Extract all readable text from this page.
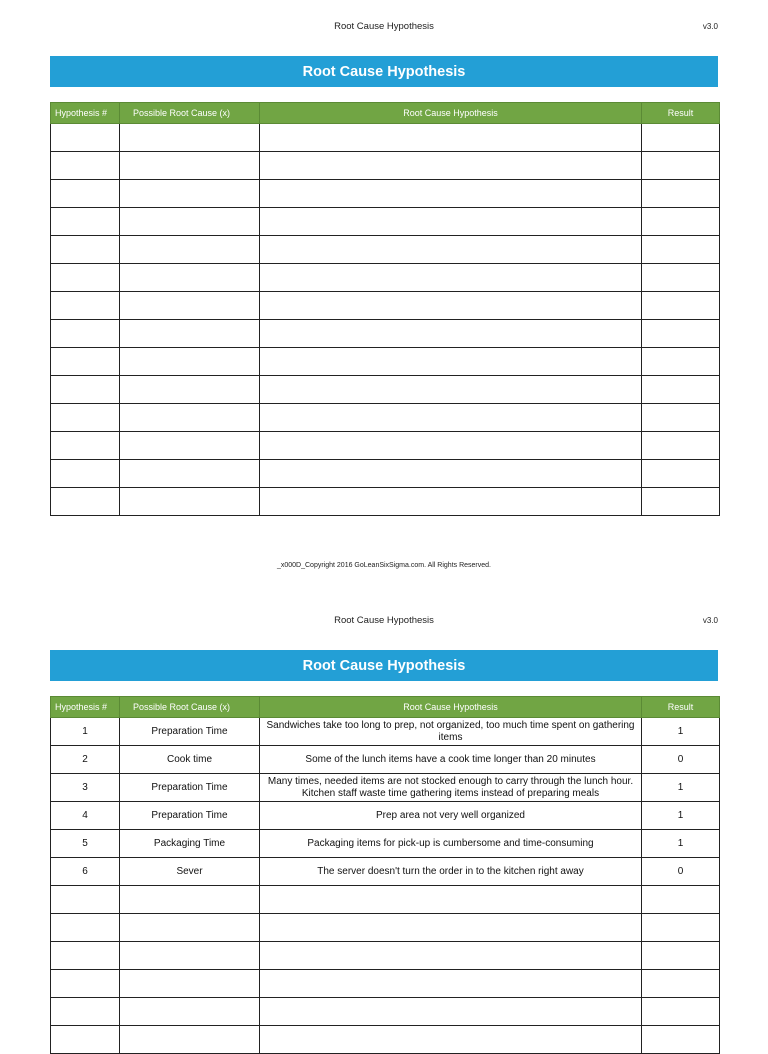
Root Cause Hypothesis	v3.0
Root Cause Hypothesis
Hypothesis #	Possible Root Cause (x)	Root Cause Hypothesis	Result

_x000D_Copyright 2016 GoLeanSixSigma.com. All Rights Reserved.
Root Cause Hypothesis	v3.0
Root Cause Hypothesis
Hypothesis #	Possible Root Cause (x)	Root Cause Hypothesis	Result
1	Preparation Time	Sandwiches take too long to prep, not organized, too much time spent on gathering items	1
2	Cook time	Some of the lunch items have a cook time longer than 20 minutes	0
3	Preparation Time	Many times, needed items are not stocked enough to carry through the lunch hour. Kitchen staff waste time gathering items instead of preparing meals	1
4	Preparation Time	Prep area not very well organized	1
5	Packaging Time	Packaging items for pick-up is cumbersome and time-consuming	1
6	Sever	The server doesn't turn the order in to the kitchen right away	0
